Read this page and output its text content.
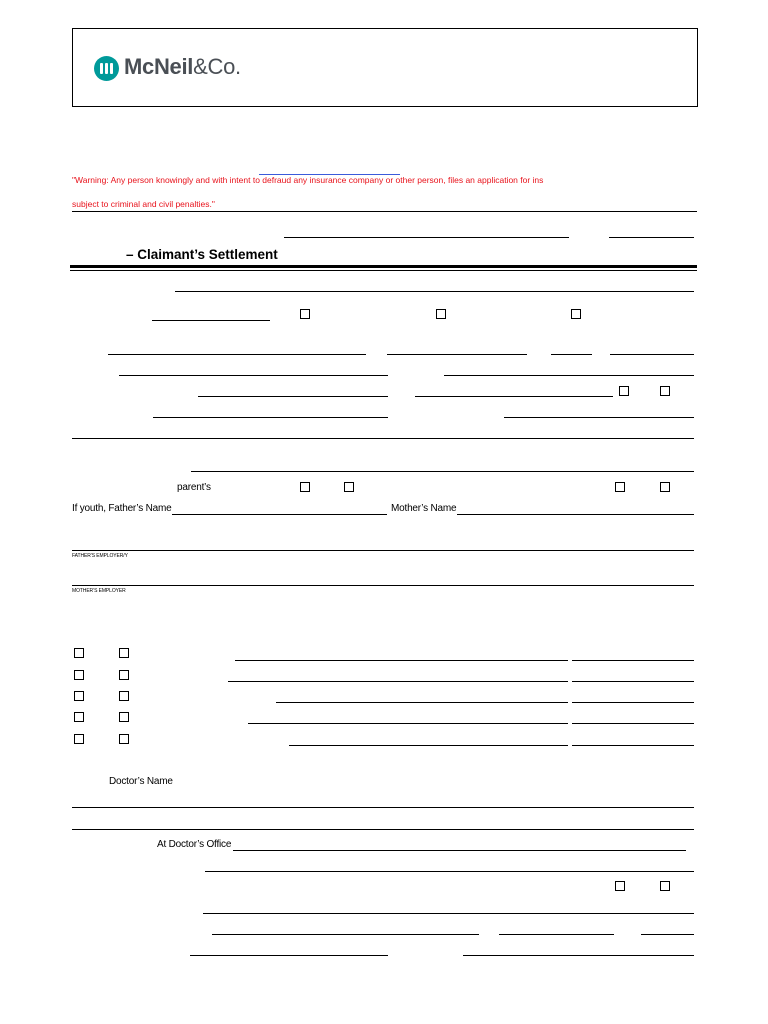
McNeil&Co.
"Warning: Any person knowingly and with intent to defraud any insurance company or other person, files an application for ins
subject to criminal and civil penalties."
– Claimant’s Settlement
parent’s
If youth, Father’s Name	Mother’s Name
FATHER’S EMPLOYER/Y
MOTHER’S EMPLOYER
Doctor’s Name
At Doctor’s Office
